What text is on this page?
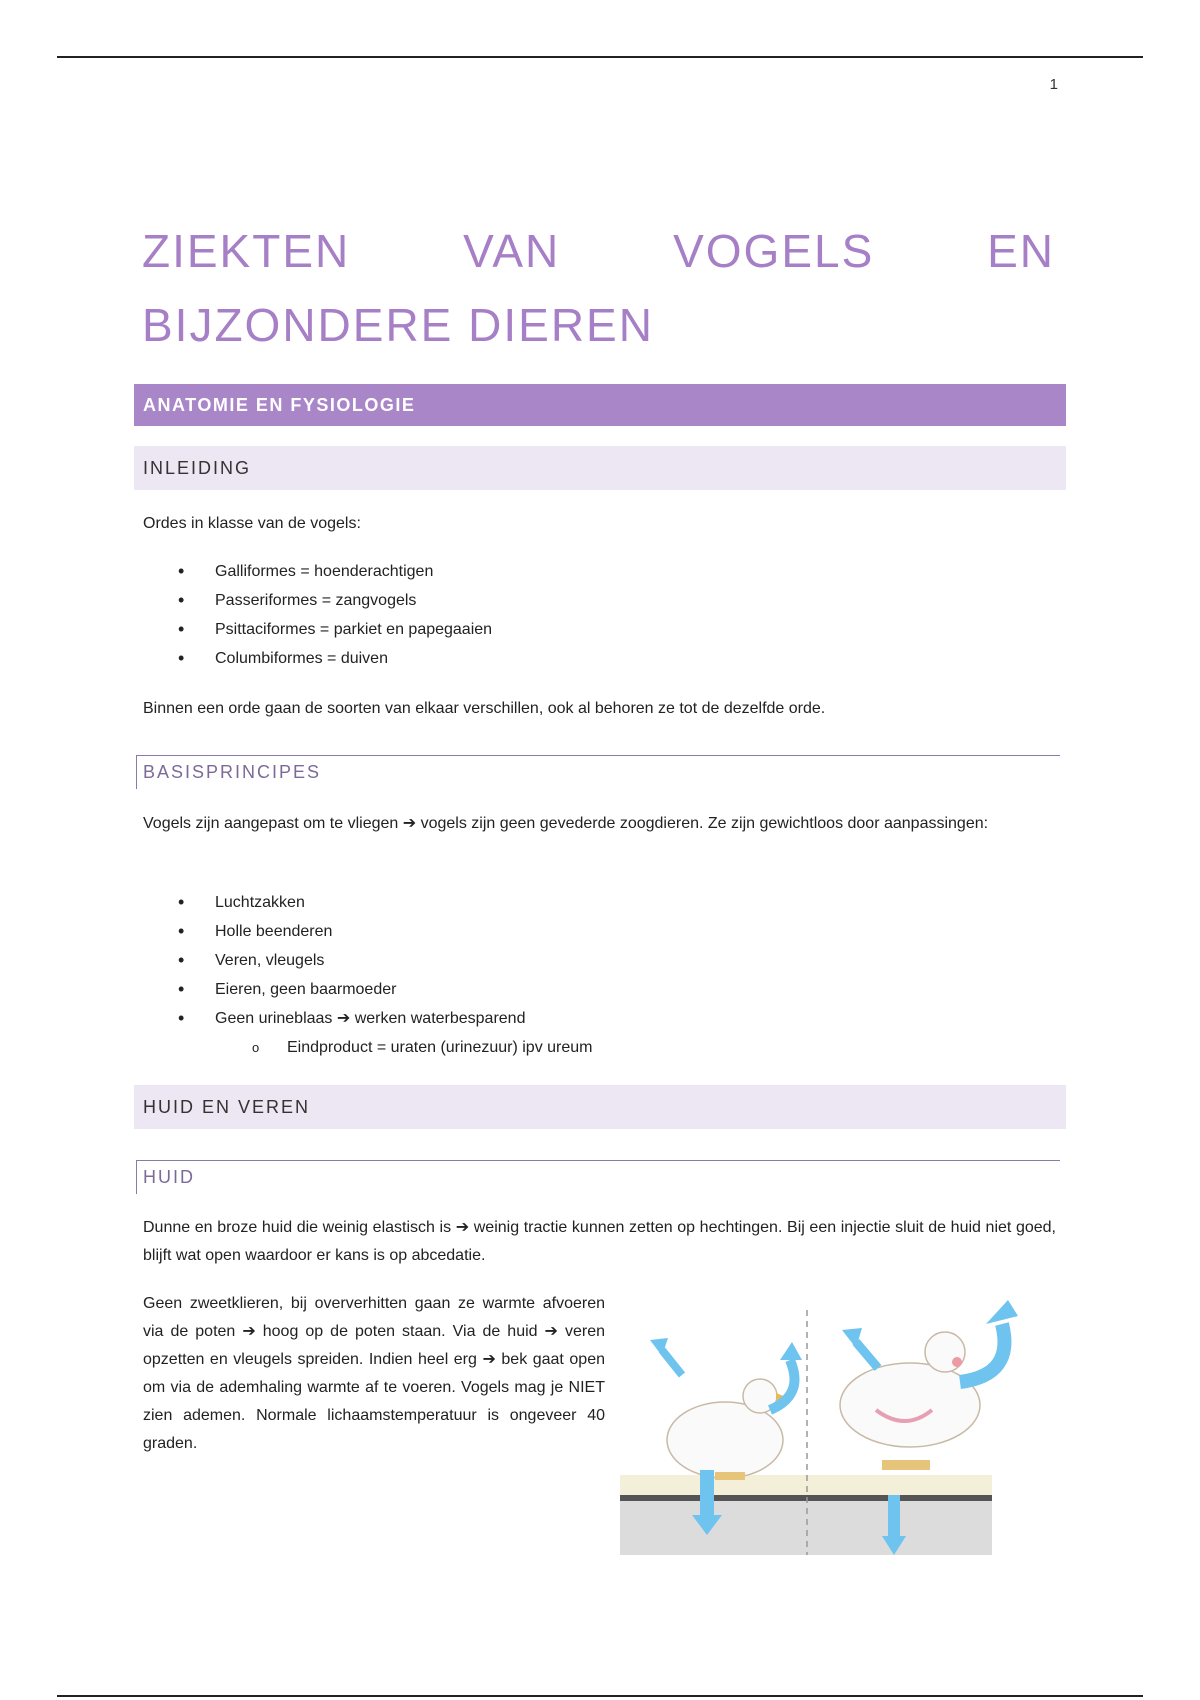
1
ZIEKTEN VAN VOGELS EN BIJZONDERE DIEREN
ANATOMIE EN FYSIOLOGIE
INLEIDING

Ordes in klasse van de vogels:

• Galliformes = hoenderachtigen
• Passeriformes = zangvogels
• Psittaciformes = parkiet en papegaaien
• Columbiformes = duiven

Binnen een orde gaan de soorten van elkaar verschillen, ook al behoren ze tot de dezelfde orde.

BASISPRINCIPES

Vogels zijn aangepast om te vliegen ➔ vogels zijn geen gevederde zoogdieren. Ze zijn gewichtloos door aanpassingen:

• Luchtzakken
• Holle beenderen
• Veren, vleugels
• Eieren, geen baarmoeder
• Geen urineblaas ➔ werken waterbesparend
o Eindproduct = uraten (urinezuur) ipv ureum
HUID EN VEREN
HUID

Dunne en broze huid die weinig elastisch is ➔ weinig tractie kunnen zetten op hechtingen. Bij een injectie sluit de huid niet goed, blijft wat open waardoor er kans is op abcedatie.

Geen zweetklieren, bij oververhitten gaan ze warmte afvoeren via de poten ➔ hoog op de poten staan. Via de huid ➔ veren opzetten en vleugels spreiden. Indien heel erg ➔ bek gaat open om via de ademhaling warmte af te voeren. Vogels mag je NIET zien ademen. Normale lichaamstemperatuur is ongeveer 40 graden.
